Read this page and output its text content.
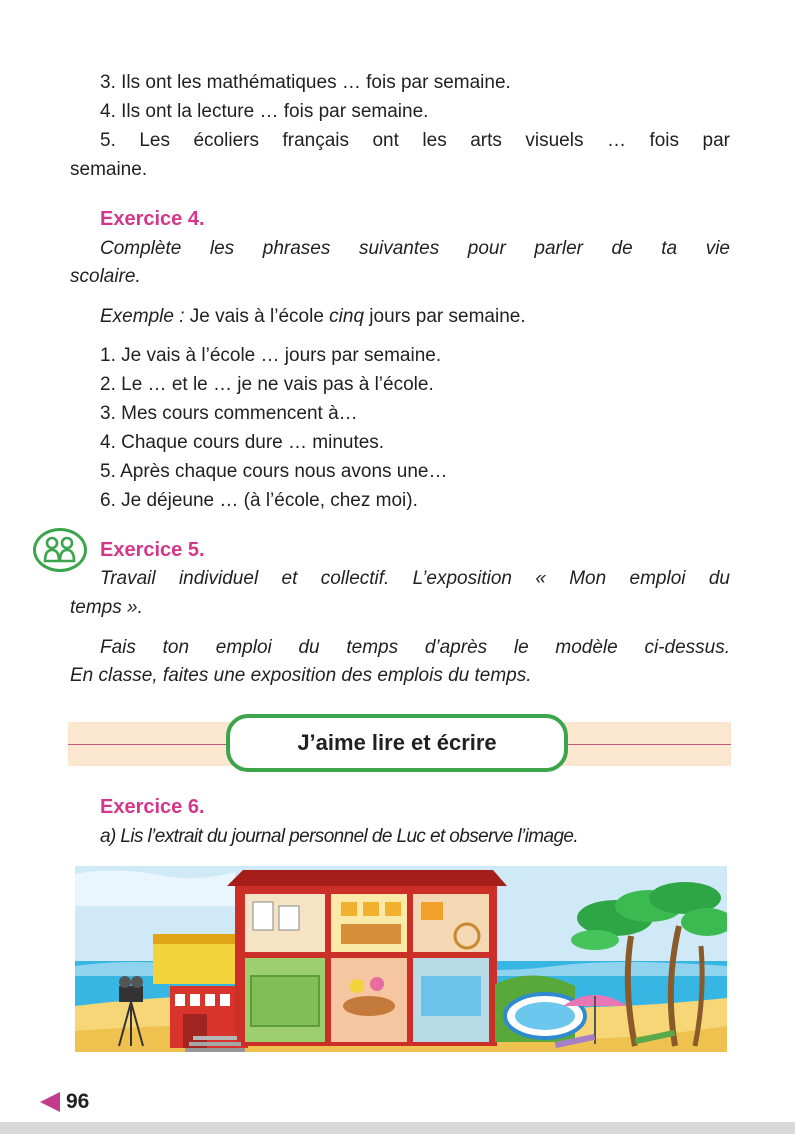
3. Ils ont les mathématiques … fois par semaine.
4. Ils ont la lecture … fois par semaine.
5. Les écoliers français ont les arts visuels … fois par
semaine.
Exercice 4.
Complète les phrases suivantes pour parler de ta vie
scolaire.
Exemple : Je vais à l’école cinq jours par semaine.
1. Je vais à l’école … jours par semaine.
2. Le … et le … je ne vais pas à l’école.
3. Mes cours commencent à…
4. Chaque cours dure … minutes.
5. Après chaque cours nous avons une…
6. Je déjeune … (à l’école, chez moi).
Exercice 5.
Travail individuel et collectif. L’exposition « Mon emploi du
temps ».
Fais ton emploi du temps d’après le modèle ci-dessus.
En classe, faites une exposition des emplois du temps.
J’aime lire et écrire
Exercice 6.
a) Lis l’extrait du journal personnel de Luc et observe l’image.
96
